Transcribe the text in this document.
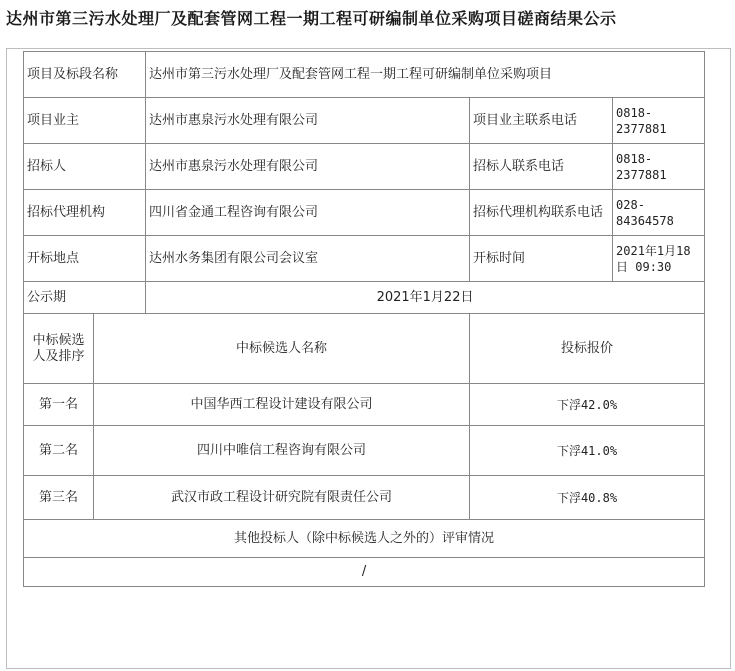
达州市第三污水处理厂及配套管网工程一期工程可研编制单位采购项目磋商结果公示
项目及标段名称		达州市第三污水处理厂及配套管网工程一期工程可研编制单位采购项目		
项目业主		达州市惠泉污水处理有限公司	项目业主联系电话	0818-2377881
招标人		达州市惠泉污水处理有限公司	招标人联系电话	0818-2377881
招标代理机构		四川省金通工程咨询有限公司	招标代理机构联系电话	028-84364578
开标地点		达州水务集团有限公司会议室	开标时间	2021年1月18日 09:30
公示期		2021年1月22日		
中标候选人及排序	中标候选人名称		投标报价	
第一名	中国华西工程设计建设有限公司		下浮42.0%	
第二名	四川中唯信工程咨询有限公司		下浮41.0%	
第三名	武汉市政工程设计研究院有限责任公司		下浮40.8%	
其他投标人（除中标候选人之外的）评审情况				
/				
